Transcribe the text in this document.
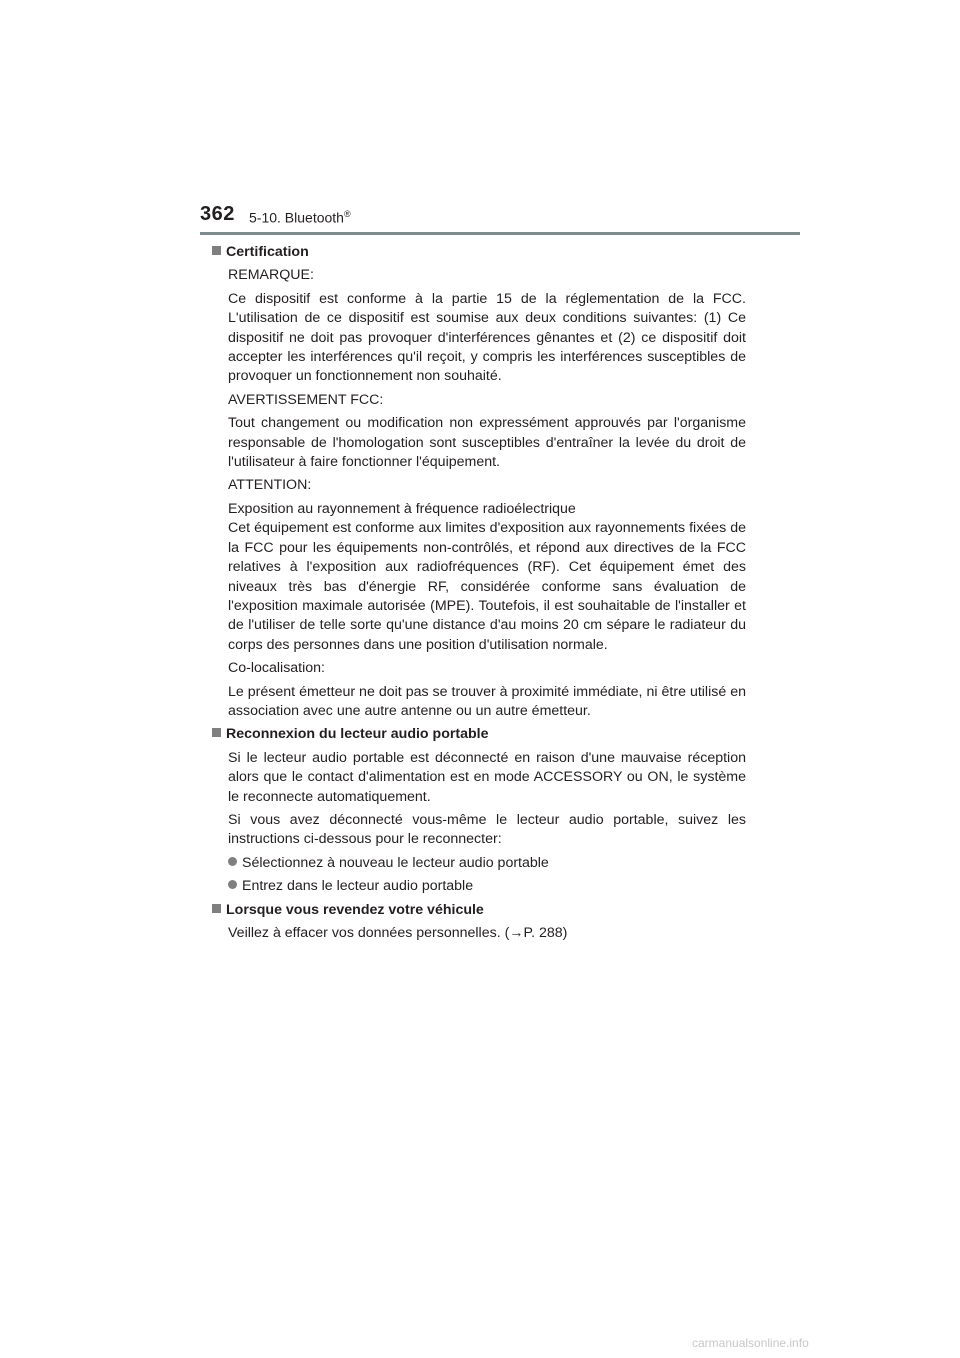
362 5-10. Bluetooth®
Certification

REMARQUE:

Ce dispositif est conforme à la partie 15 de la réglementation de la FCC. L'utilisation de ce dispositif est soumise aux deux conditions suivantes: (1) Ce dispositif ne doit pas provoquer d'interférences gênantes et (2) ce dispositif doit accepter les interférences qu'il reçoit, y compris les interférences susceptibles de provoquer un fonctionnement non souhaité.

AVERTISSEMENT FCC:

Tout changement ou modification non expressément approuvés par l'organisme responsable de l'homologation sont susceptibles d'entraîner la levée du droit de l'utilisateur à faire fonctionner l'équipement.

ATTENTION:

Exposition au rayonnement à fréquence radioélectrique

Cet équipement est conforme aux limites d'exposition aux rayonnements fixées de la FCC pour les équipements non-contrôlés, et répond aux directives de la FCC relatives à l'exposition aux radiofréquences (RF). Cet équipement émet des niveaux très bas d'énergie RF, considérée conforme sans évaluation de l'exposition maximale autorisée (MPE). Toutefois, il est souhaitable de l'installer et de l'utiliser de telle sorte qu'une distance d'au moins 20 cm sépare le radiateur du corps des personnes dans une position d'utilisation normale.

Co-localisation:

Le présent émetteur ne doit pas se trouver à proximité immédiate, ni être utilisé en association avec une autre antenne ou un autre émetteur.

Reconnexion du lecteur audio portable

Si le lecteur audio portable est déconnecté en raison d'une mauvaise réception alors que le contact d'alimentation est en mode ACCESSORY ou ON, le système le reconnecte automatiquement.

Si vous avez déconnecté vous-même le lecteur audio portable, suivez les instructions ci-dessous pour le reconnecter:

Sélectionnez à nouveau le lecteur audio portable
Entrez dans le lecteur audio portable
Lorsque vous revendez votre véhicule

Veillez à effacer vos données personnelles. (→P. 288)

carmanualsonline.info
